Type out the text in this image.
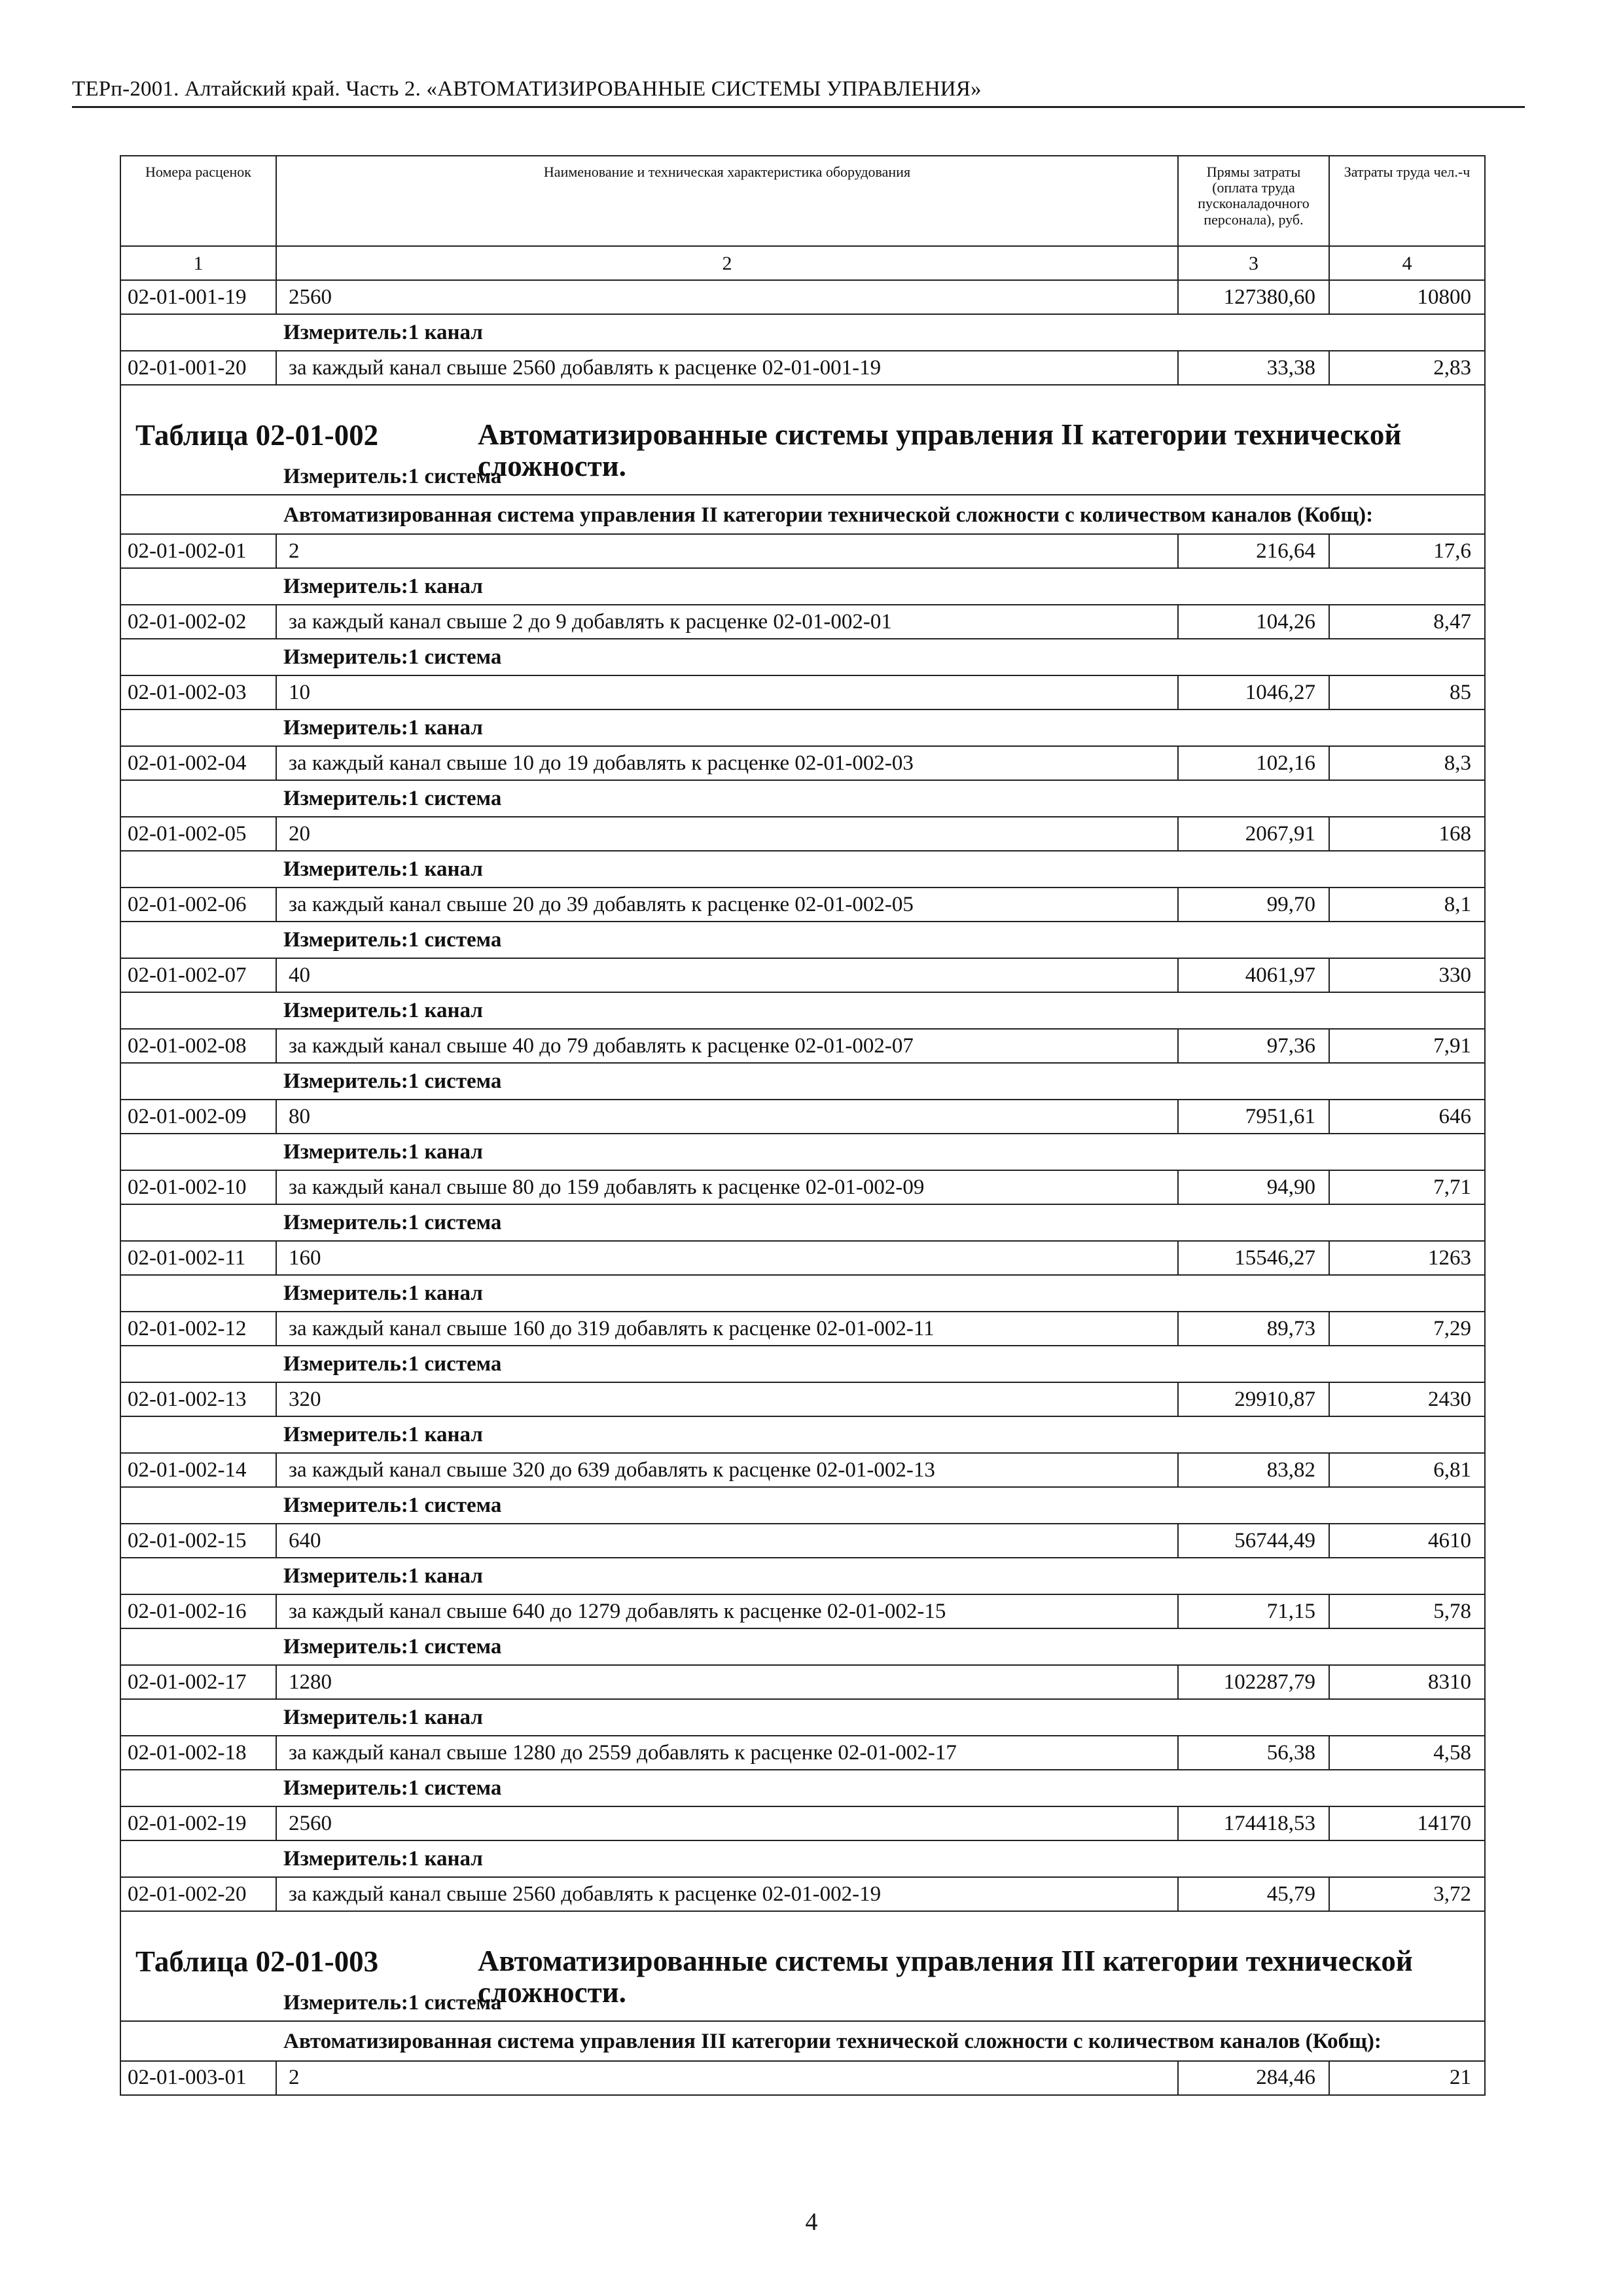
ТЕРп-2001. Алтайский край. Часть 2. «АВТОМАТИЗИРОВАННЫЕ СИСТЕМЫ УПРАВЛЕНИЯ»
Номера расценок	Наименование и техническая характеристика оборудования	Прямы затраты (оплата труда пусконаладочного персонала), руб.	Затраты труда чел.-ч
1	2	3	4
02-01-001-19	2560	127380,60	10800
Измеритель:1 канал			
02-01-001-20	за каждый канал свыше 2560 добавлять к расценке 02-01-001-19	33,38	2,83

Таблица 02-01-002 Автоматизированные системы управления II категории технической сложности.			

Измеритель:1 система			
Автоматизированная система управления II категории технической сложности с количеством каналов (Кобщ):			
02-01-002-01	2	216,64	17,6
Измеритель:1 канал			
02-01-002-02	за каждый канал свыше 2 до 9 добавлять к расценке 02-01-002-01	104,26	8,47
Измеритель:1 система			
02-01-002-03	10	1046,27	85
Измеритель:1 канал			
02-01-002-04	за каждый канал свыше 10 до 19 добавлять к расценке 02-01-002-03	102,16	8,3
Измеритель:1 система			
02-01-002-05	20	2067,91	168
Измеритель:1 канал			
02-01-002-06	за каждый канал свыше 20 до 39 добавлять к расценке 02-01-002-05	99,70	8,1
Измеритель:1 система			
02-01-002-07	40	4061,97	330
Измеритель:1 канал			
02-01-002-08	за каждый канал свыше 40 до 79 добавлять к расценке 02-01-002-07	97,36	7,91
Измеритель:1 система			
02-01-002-09	80	7951,61	646
Измеритель:1 канал			
02-01-002-10	за каждый канал свыше 80 до 159 добавлять к расценке 02-01-002-09	94,90	7,71
Измеритель:1 система			
02-01-002-11	160	15546,27	1263
Измеритель:1 канал			
02-01-002-12	за каждый канал свыше 160 до 319 добавлять к расценке 02-01-002-11	89,73	7,29
Измеритель:1 система			
02-01-002-13	320	29910,87	2430
Измеритель:1 канал			
02-01-002-14	за каждый канал свыше 320 до 639 добавлять к расценке 02-01-002-13	83,82	6,81
Измеритель:1 система			
02-01-002-15	640	56744,49	4610
Измеритель:1 канал			
02-01-002-16	за каждый канал свыше 640 до 1279 добавлять к расценке 02-01-002-15	71,15	5,78
Измеритель:1 система			
02-01-002-17	1280	102287,79	8310
Измеритель:1 канал			
02-01-002-18	за каждый канал свыше 1280 до 2559 добавлять к расценке 02-01-002-17	56,38	4,58
Измеритель:1 система			
02-01-002-19	2560	174418,53	14170
Измеритель:1 канал			
02-01-002-20	за каждый канал свыше 2560 добавлять к расценке 02-01-002-19	45,79	3,72

Таблица 02-01-003 Автоматизированные системы управления III категории технической сложности.			

Измеритель:1 система			
Автоматизированная система управления III категории технической сложности с количеством каналов (Кобщ):			
02-01-003-01	2	284,46	21
4
